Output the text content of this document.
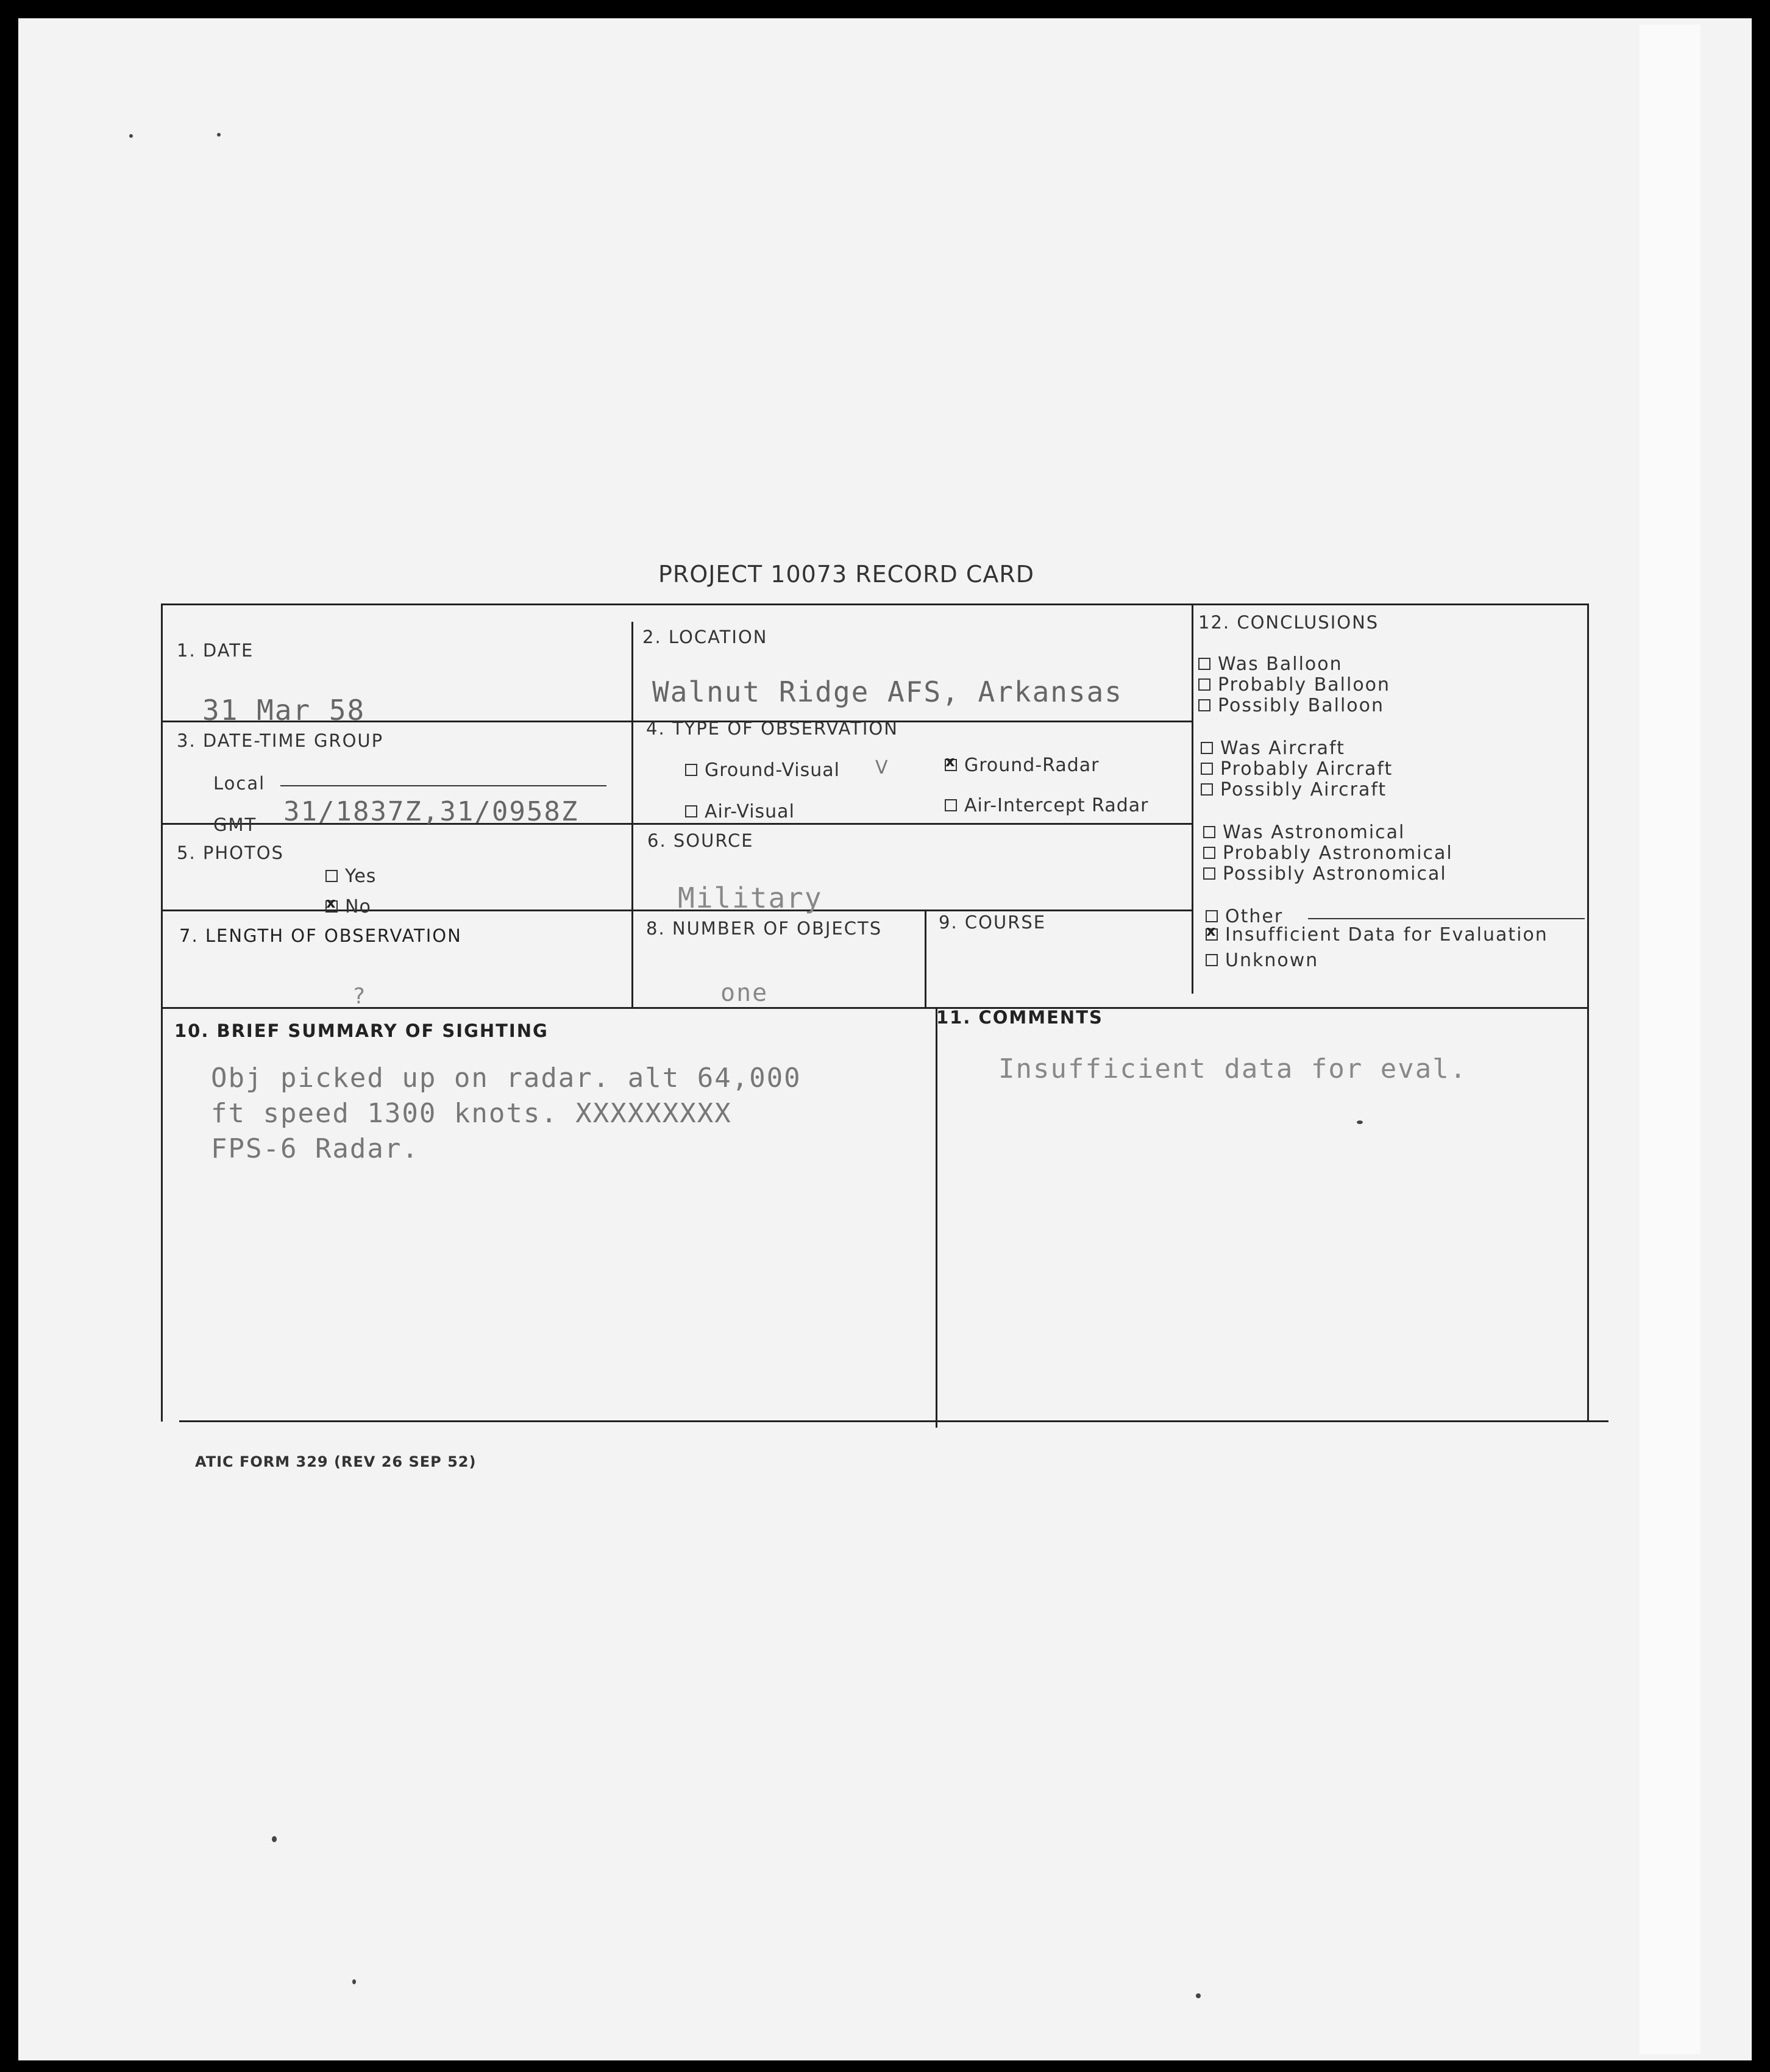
PROJECT 10073 RECORD CARD
1. DATE
31 Mar 58
2. LOCATION
Walnut Ridge AFS, Arkansas
3. DATE-TIME GROUP
Local
GMT 31/1837Z,31/0958Z
4. TYPE OF OBSERVATION
Ground-Visual V
x	Ground-Radar
Air-Visual	Air-Intercept Radar
5. PHOTOS
Yes
xNo
6. SOURCE
Military
7. LENGTH OF OBSERVATION
?
8. NUMBER OF OBJECTS
one
9. COURSE
12. CONCLUSIONS
Was Balloon
Probably Balloon
Possibly Balloon
Was Aircraft
Probably Aircraft
Possibly Aircraft
Was Astronomical
Probably Astronomical
Possibly Astronomical
Other
xInsufficient Data for Evaluation
Unknown
10. BRIEF SUMMARY OF SIGHTING
Obj picked up on radar. alt 64,000
ft speed 1300 knots. XXXXXXXXX
FPS-6 Radar.
11. COMMENTS
Insufficient data for eval.
ATIC FORM 329 (REV 26 SEP 52)
